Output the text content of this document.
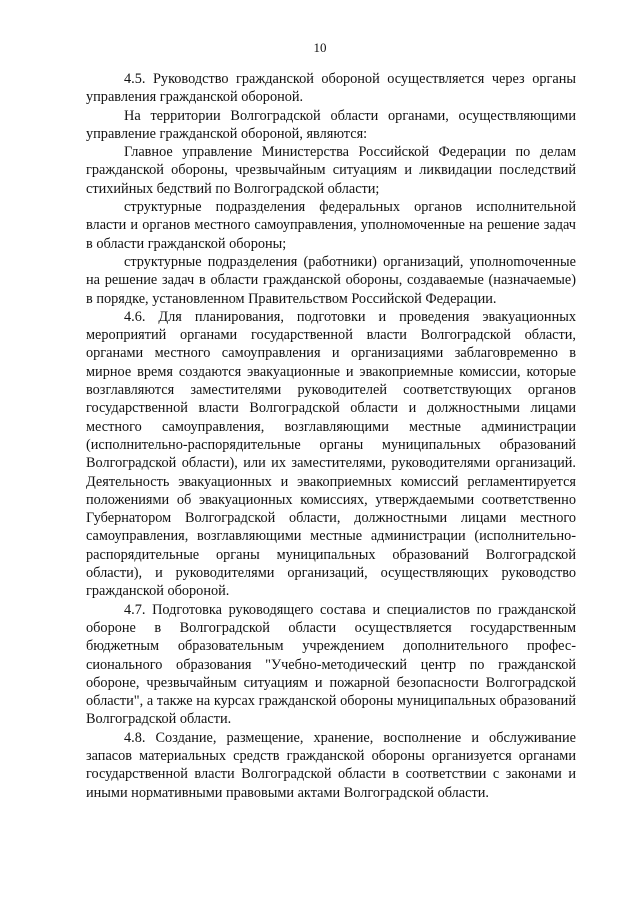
10

4.5. Руководство гражданской обороной осуществляется через органы управления гражданской обороной.

На территории Волгоградской области органами, осуществляющими управление гражданской обороной, являются:

Главное управление Министерства Российской Федерации по делам гражданской обороны, чрезвычайным ситуациям и ликвидации последствий стихийных бедствий по Волгоградской области;

структурные подразделения федеральных органов исполнительной власти и органов местного самоуправления, уполномоченные на решение задач в области гражданской обороны;

структурные подразделения (работники) организаций, уполноmоченные на решение задач в области гражданской обороны, создаваемые (назначаемые) в порядке, установленном Правительством Российской Федерации.

4.6. Для планирования, подготовки и проведения эвакуационных мероприятий органами государственной власти Волгоградской области, органами местного самоуправления и организациями заблаговременно в мирное время создаются эвакуационные и эвакоприемные комиссии, которые возглавляются заместителями руководителей соответствующих органов государственной власти Волгоградской области и должностными лицами местного самоуправления, возглавляющими местные администрации (исполнительно-распорядительные органы муниципальных образований Волгоградской области), или их заместителями, руководителями организаций. Деятельность эвакуационных и эвакоприемных комиссий регламентируется положениями об эвакуационных комиссиях, утверждаемыми соответственно Губернатором Волгоградской области, должностными лицами местного самоуправления, возглавляющими местные администрации (исполнительно-распорядительные органы муниципальных образований Волгоградской области), и руководителями организаций, осуществляющих руководство гражданской обороной.

4.7. Подготовка руководящего состава и специалистов по гражданской обороне в Волгоградской области осуществляется государственным бюджетным образовательным учреждением дополнительного профессионального образования "Учебно-методический центр по гражданской обороне, чрезвычайным ситуациям и пожарной безопасности Волгоградской области", а также на курсах гражданской обороны муниципальных образований Волгоградской области.

4.8. Создание, размещение, хранение, восполнение и обслуживание запасов материальных средств гражданской обороны организуется органами государственной власти Волгоградской области в соответствии с законами и иными нормативными правовыми актами Волгоградской области.
